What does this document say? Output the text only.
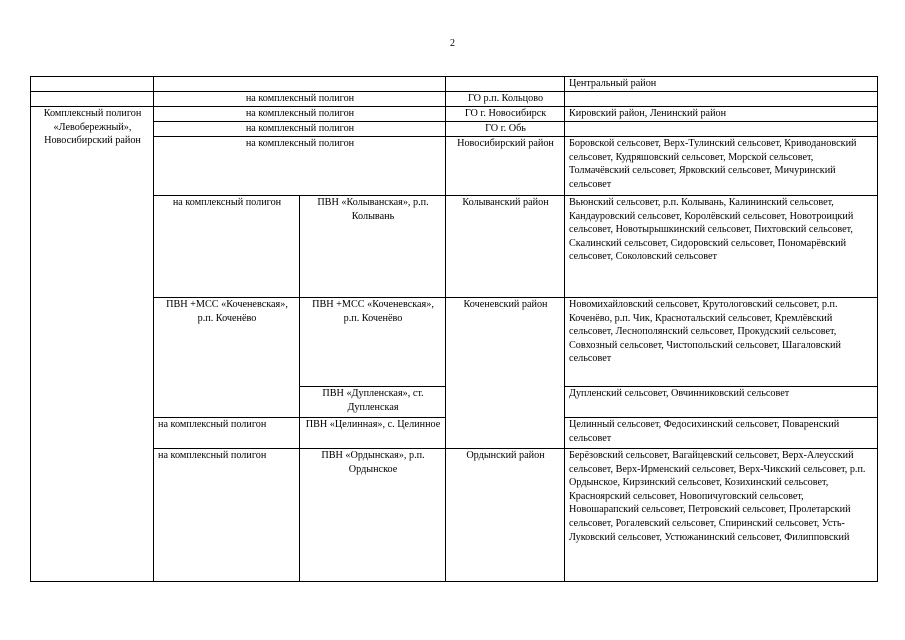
2
				Центральный район
	на комплексный полигон		ГО р.п. Кольцово	
Комплексный полигон «Левобережный», Новосибирский район	на комплексный полигон		ГО г. Новосибирск	Кировский район, Ленинский район
	на комплексный полигон		ГО г. Обь	
	на комплексный полигон		Новосибирский район	Боровской сельсовет, Верх-Тулинский сельсовет, Криводановский сельсовет, Кудряшовский сельсовет, Морской сельсовет, Толмачёвский сельсовет, Ярковский сельсовет, Мичуринский сельсовет
	на комплексный полигон	ПВН «Колыванская», р.п. Колывань	Колыванский район	Вьюнский сельсовет, р.п. Колывань, Калининский сельсовет, Кандауровский сельсовет, Королёвский сельсовет, Новотроицкий сельсовет, Новотырышкинский сельсовет, Пихтовский сельсовет, Скалинский сельсовет, Сидоровский сельсовет, Пономарёвский сельсовет, Соколовский сельсовет
	ПВН +МСС «Коченевская», р.п. Коченёво	ПВН +МСС «Коченевская», р.п. Коченёво	Коченевский район	Новомихайловский сельсовет, Крутологовский сельсовет, р.п. Коченёво, р.п. Чик, Краснотальский сельсовет, Кремлёвский сельсовет, Леснополянский сельсовет, Прокудский сельсовет, Совхозный сельсовет, Чистопольский сельсовет, Шагаловский сельсовет
		ПВН «Дупленская», ст. Дупленская		Дупленский сельсовет, Овчинниковский сельсовет
	на комплексный полигон	ПВН «Целинная», с. Целинное		Целинный сельсовет, Федосихинский сельсовет, Поваренский сельсовет
	на комплексный полигон	ПВН «Ордынская», р.п. Ордынское	Ордынский район	Берёзовский сельсовет, Вагайцевский сельсовет, Верх-Алеусский сельсовет, Верх-Ирменский сельсовет, Верх-Чикский сельсовет, р.п. Ордынское, Кирзинский сельсовет, Козихинский сельсовет, Красноярский сельсовет, Новопичуговский сельсовет, Новошарапский сельсовет, Петровский сельсовет, Пролетарский сельсовет, Рогалевский сельсовет, Спиринский сельсовет, Усть-Луковский сельсовет, Устюжанинский сельсовет, Филипповский
